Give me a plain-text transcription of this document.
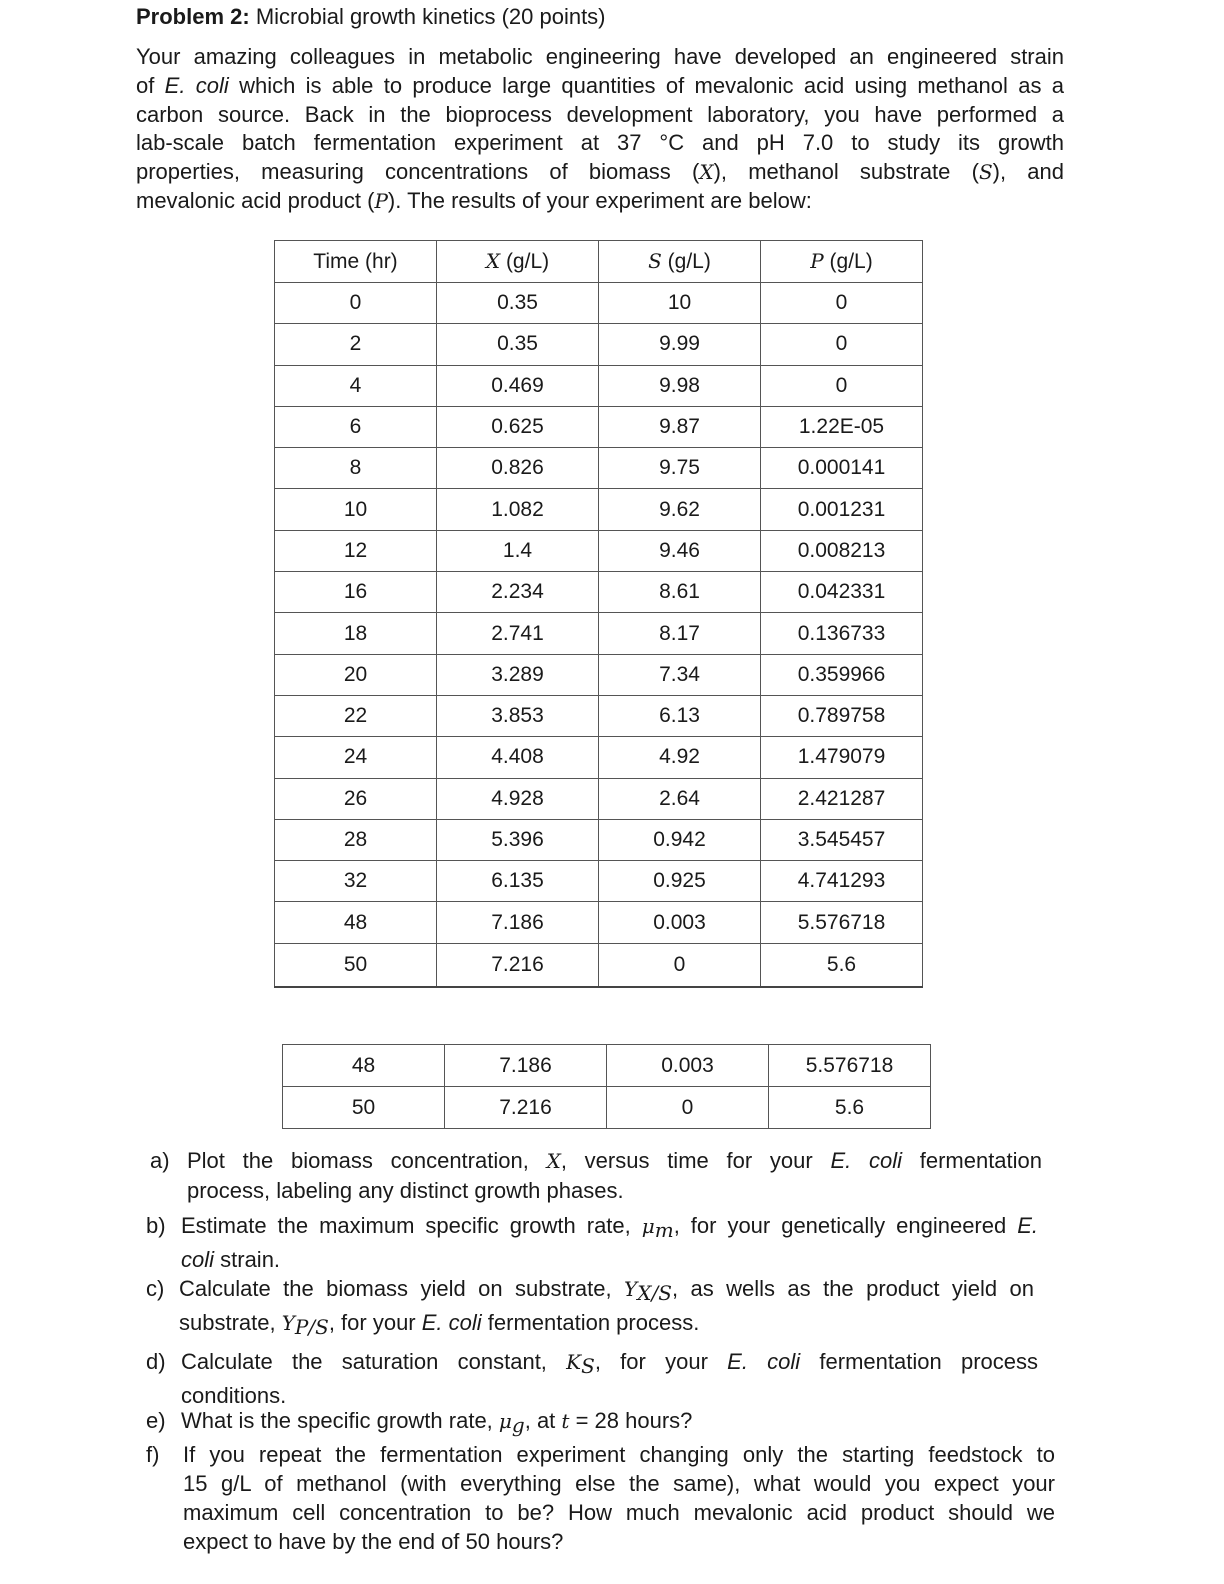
Problem 2: Microbial growth kinetics (20 points)
Your amazing colleagues in metabolic engineering have developed an engineered strain
of E. coli which is able to produce large quantities of mevalonic acid using methanol as a
carbon source. Back in the bioprocess development laboratory, you have performed a
lab-scale batch fermentation experiment at 37 °C and pH 7.0 to study its growth
properties, measuring concentrations of biomass (X), methanol substrate (S), and
mevalonic acid product (P). The results of your experiment are below:
Time (hr)	X (g/L)	S (g/L)	P (g/L)
0	0.35	10	0
2	0.35	9.99	0
4	0.469	9.98	0
6	0.625	9.87	1.22E-05
8	0.826	9.75	0.000141
10	1.082	9.62	0.001231
12	1.4	9.46	0.008213
16	2.234	8.61	0.042331
18	2.741	8.17	0.136733
20	3.289	7.34	0.359966
22	3.853	6.13	0.789758
24	4.408	4.92	1.479079
26	4.928	2.64	2.421287
28	5.396	0.942	3.545457
32	6.135	0.925	4.741293
48	7.186	0.003	5.576718
50	7.216	0	5.6
48	7.186	0.003	5.576718
50	7.216	0	5.6
a) Plot the biomass concentration, X, versus time for your E. coli fermentation
process, labeling any distinct growth phases.
b) Estimate the maximum specific growth rate, $\mu_m$, for your genetically engineered E.
coli strain.
c) Calculate the biomass yield on substrate, $Y_{X/S}$, as wells as the product yield on
substrate, $Y_{P/S}$, for your E. coli fermentation process.
d) Calculate the saturation constant, $K_S$, for your E. coli fermentation process
conditions.
e) What is the specific growth rate, $\mu_g$, at t = 28 hours?
f) If you repeat the fermentation experiment changing only the starting feedstock to
15 g/L of methanol (with everything else the same), what would you expect your
maximum cell concentration to be? How much mevalonic acid product should we
expect to have by the end of 50 hours?
